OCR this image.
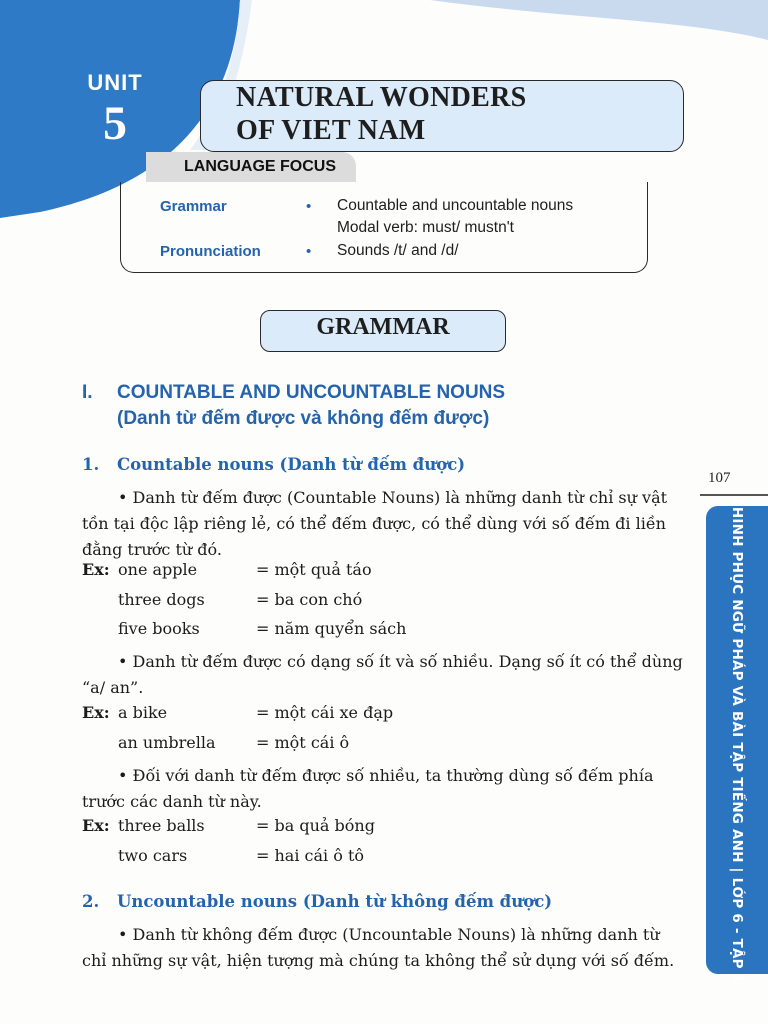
UNIT
5	NATURAL WONDERS
OF VIET NAM
LANGUAGE FOCUS
Grammar	• Countable and uncountable nouns
Modal verb: must/ mustn't
Pronunciation	• Sounds /t/ and /d/
GRAMMAR
I. COUNTABLE AND UNCOUNTABLE NOUNS
(Danh từ đếm được và không đếm được)
1. Countable nouns (Danh từ đếm được)
• Danh từ đếm được (Countable Nouns) là những danh từ chỉ sự vật
tồn tại độc lập riêng lẻ, có thể đếm được, có thể dùng với số đếm đi liền
đằng trước từ đó.
Ex: one apple	= một quả táo
three dogs	= ba con chó
five books	= năm quyển sách
• Danh từ đếm được có dạng số ít và số nhiều. Dạng số ít có thể dùng
“a/ an”.
Ex: a bike	= một cái xe đạp
an umbrella	= một cái ô
• Đối với danh từ đếm được số nhiều, ta thường dùng số đếm phía
trước các danh từ này.
Ex: three balls	= ba quả bóng
two cars	= hai cái ô tô
2. Uncountable nouns (Danh từ không đếm được)
• Danh từ không đếm được (Uncountable Nouns) là những danh từ
chỉ những sự vật, hiện tượng mà chúng ta không thể sử dụng với số đếm.
107
CHINH PHỤC NGỮ PHÁP VÀ BÀI TẬP TIẾNG ANH | LỚP 6 - TẬP 1
